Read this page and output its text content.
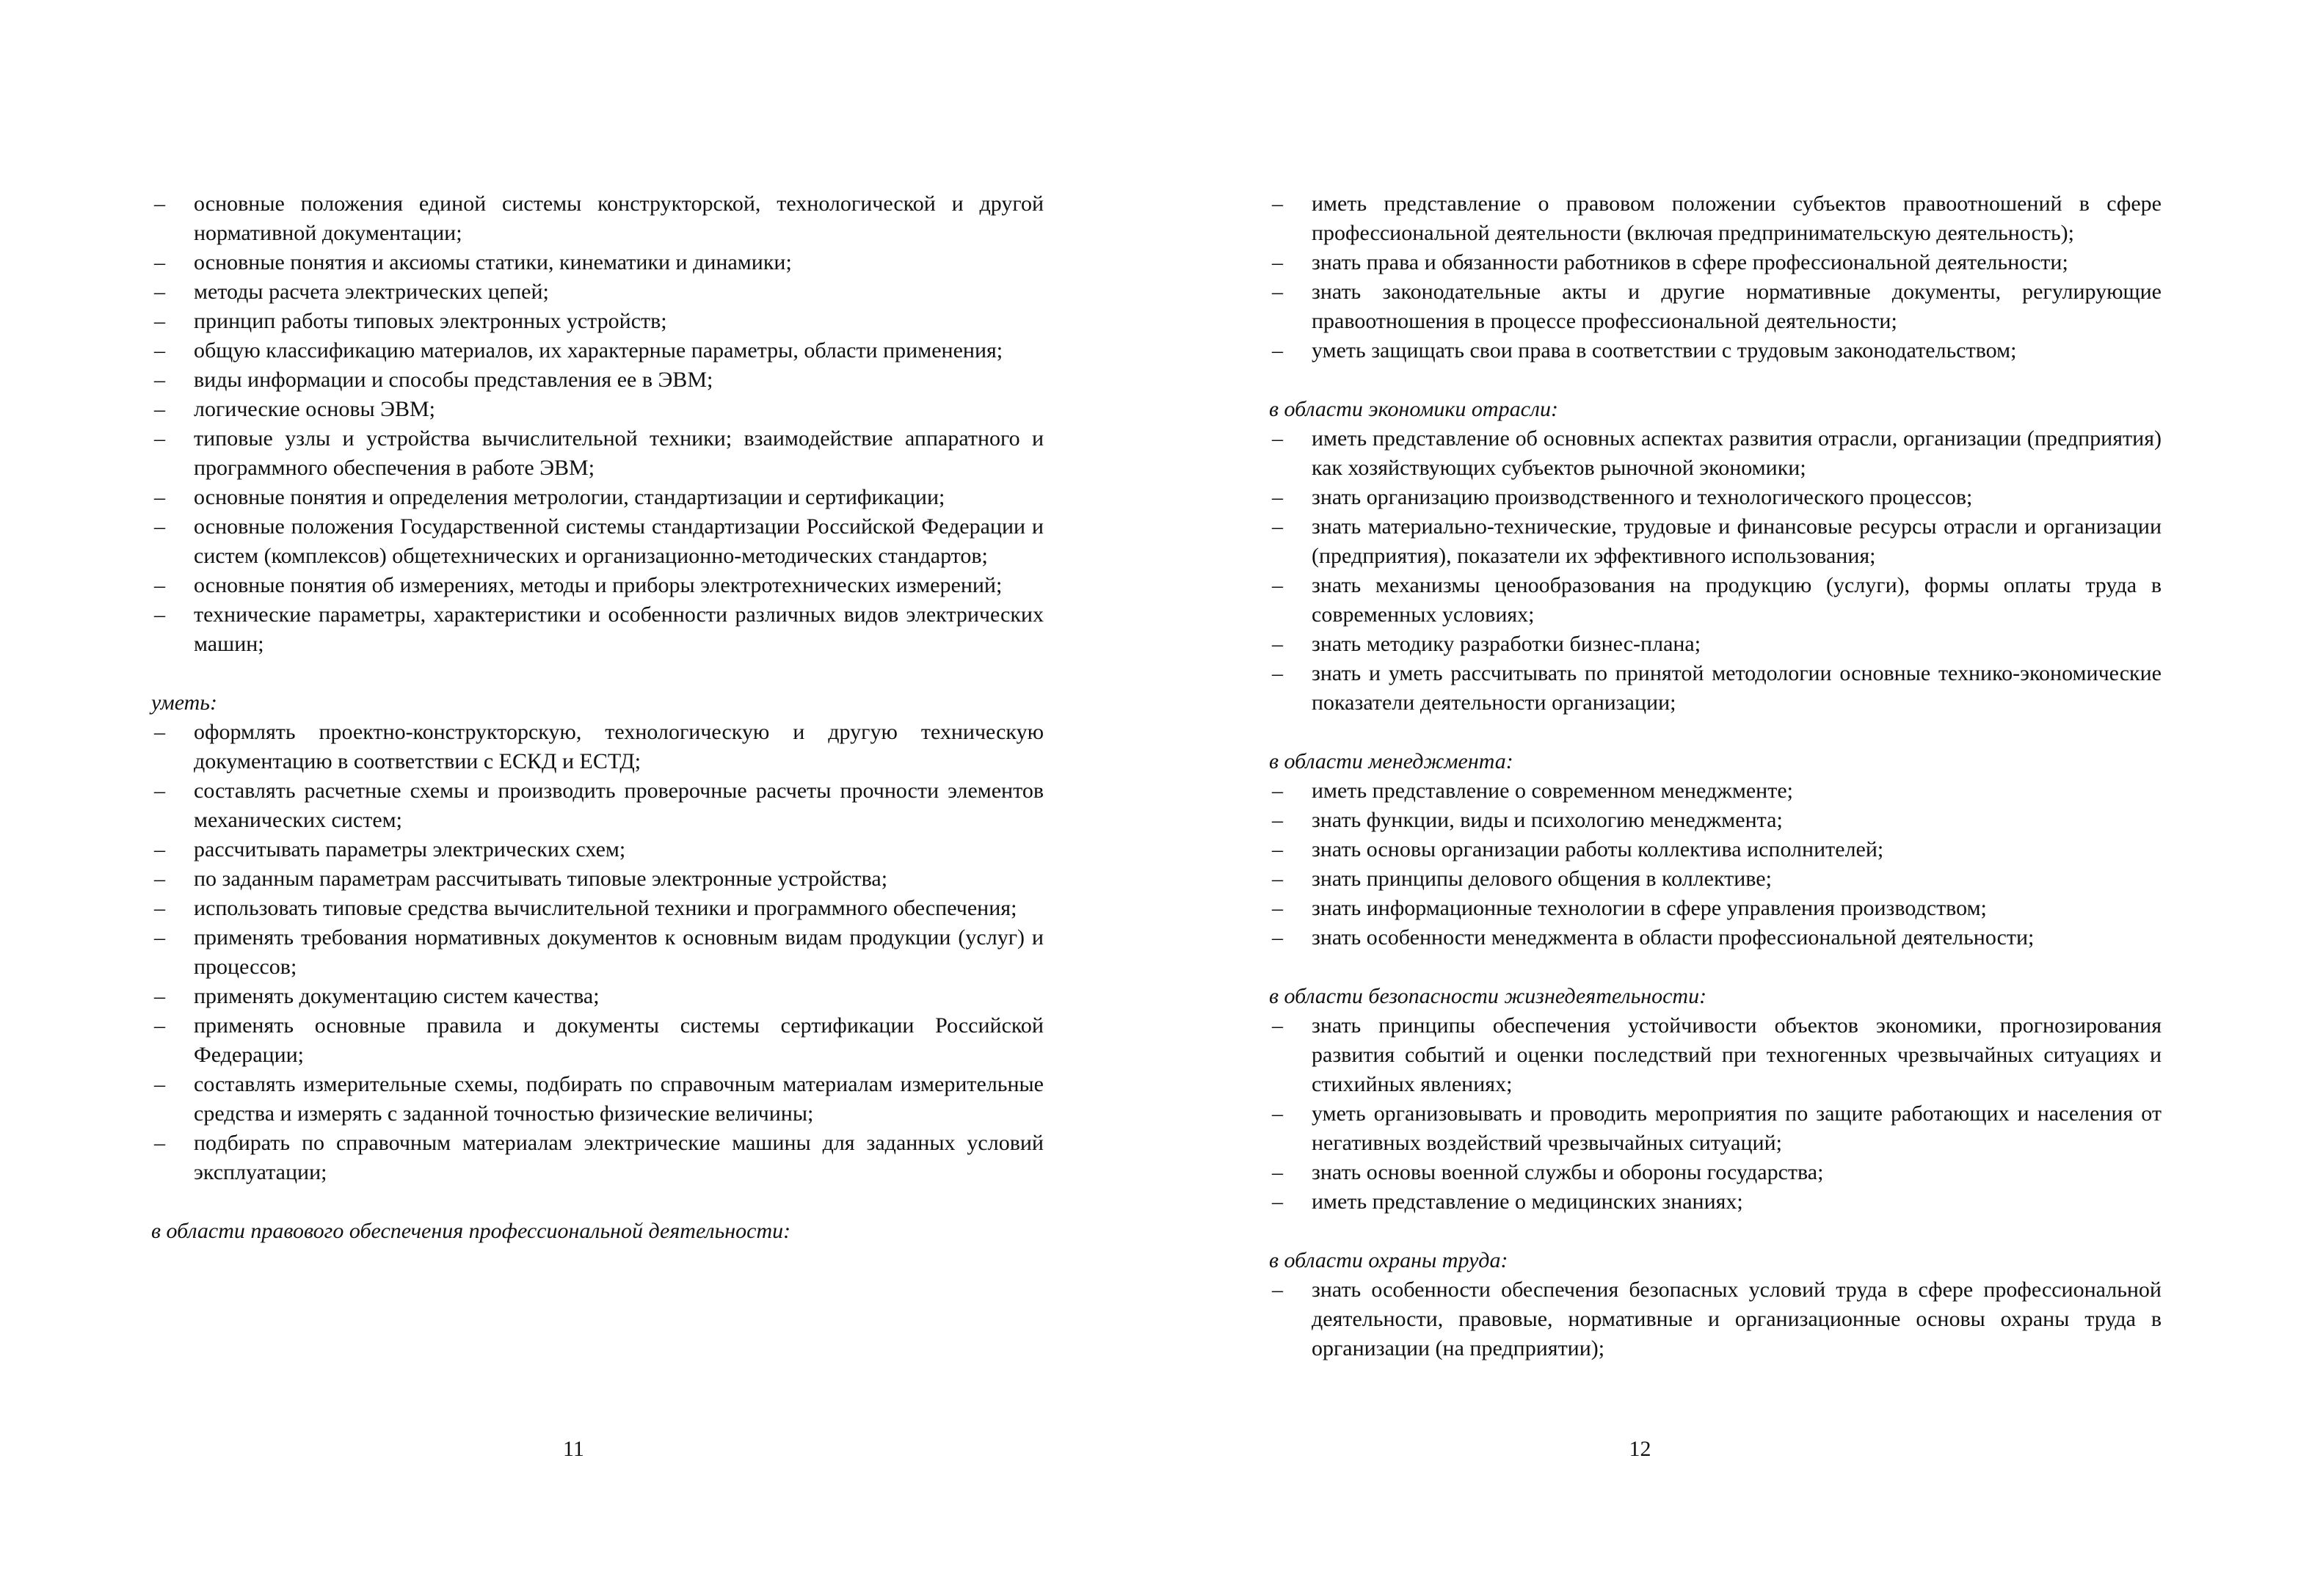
–	основные положения единой системы конструкторской, технологической и другой нормативной документации;
–	основные понятия и аксиомы статики, кинематики и динамики;
–	методы расчета электрических цепей;
–	принцип работы типовых электронных устройств;
–	общую классификацию материалов, их характерные параметры, области применения;
–	виды информации и способы представления ее в ЭВМ;
–	логические основы ЭВМ;
–	типовые узлы и устройства вычислительной техники; взаимодействие аппаратного и программного обеспечения в работе ЭВМ;
–	основные понятия и определения метрологии, стандартизации и сертификации;
–	основные положения Государственной системы стандартизации Российской Федерации и систем (комплексов) общетехнических и организационно-методических стандартов;
–	основные понятия об измерениях, методы и приборы электротехнических измерений;
–	технические параметры, характеристики и особенности различных видов электрических машин;
уметь:
–	оформлять проектно-конструкторскую, технологическую и другую техническую документацию в соответствии с ЕСКД и ЕСТД;
–	составлять расчетные схемы и производить проверочные расчеты прочности элементов механических систем;
–	рассчитывать параметры электрических схем;
–	по заданным параметрам рассчитывать типовые электронные устройства;
–	использовать типовые средства вычислительной техники и программного обеспечения;
–	применять требования нормативных документов к основным видам продукции (услуг) и процессов;
–	применять документацию систем качества;
–	применять основные правила и документы системы сертификации Российской Федерации;
–	составлять измерительные схемы, подбирать по справочным материалам измерительные средства и измерять с заданной точностью физические величины;
–	подбирать по справочным материалам электрические машины для заданных условий эксплуатации;
в области правового обеспечения профессиональной деятельности:
11
–	иметь представление о правовом положении субъектов правоотношений в сфере профессиональной деятельности (включая предпринимательскую деятельность);
–	знать права и обязанности работников в сфере профессиональной деятельности;
–	знать законодательные акты и другие нормативные документы, регулирующие правоотношения в процессе профессиональной деятельности;
–	уметь защищать свои права в соответствии с трудовым законодательством;
в области экономики отрасли:
–	иметь представление об основных аспектах развития отрасли, организации (предприятия) как хозяйствующих субъектов рыночной экономики;
–	знать организацию производственного и технологического процессов;
–	знать материально-технические, трудовые и финансовые ресурсы отрасли и организации (предприятия), показатели их эффективного использования;
–	знать механизмы ценообразования на продукцию (услуги), формы оплаты труда в современных условиях;
–	знать методику разработки бизнес-плана;
–	знать и уметь рассчитывать по принятой методологии основные технико-экономические показатели деятельности организации;
в области менеджмента:
–	иметь представление о современном менеджменте;
–	знать функции, виды и психологию менеджмента;
–	знать основы организации работы коллектива исполнителей;
–	знать принципы делового общения в коллективе;
–	знать информационные технологии в сфере управления производством;
–	знать особенности менеджмента в области профессиональной деятельности;
в области безопасности жизнедеятельности:
–	знать принципы обеспечения устойчивости объектов экономики, прогнозирования развития событий и оценки последствий при техногенных чрезвычайных ситуациях и стихийных явлениях;
–	уметь организовывать и проводить мероприятия по защите работающих и населения от негативных воздействий чрезвычайных ситуаций;
–	знать основы военной службы и обороны государства;
–	иметь представление о медицинских знаниях;
в области охраны труда:
–	знать особенности обеспечения безопасных условий труда в сфере профессиональной деятельности, правовые, нормативные и организационные основы охраны труда в организации (на предприятии);
12
